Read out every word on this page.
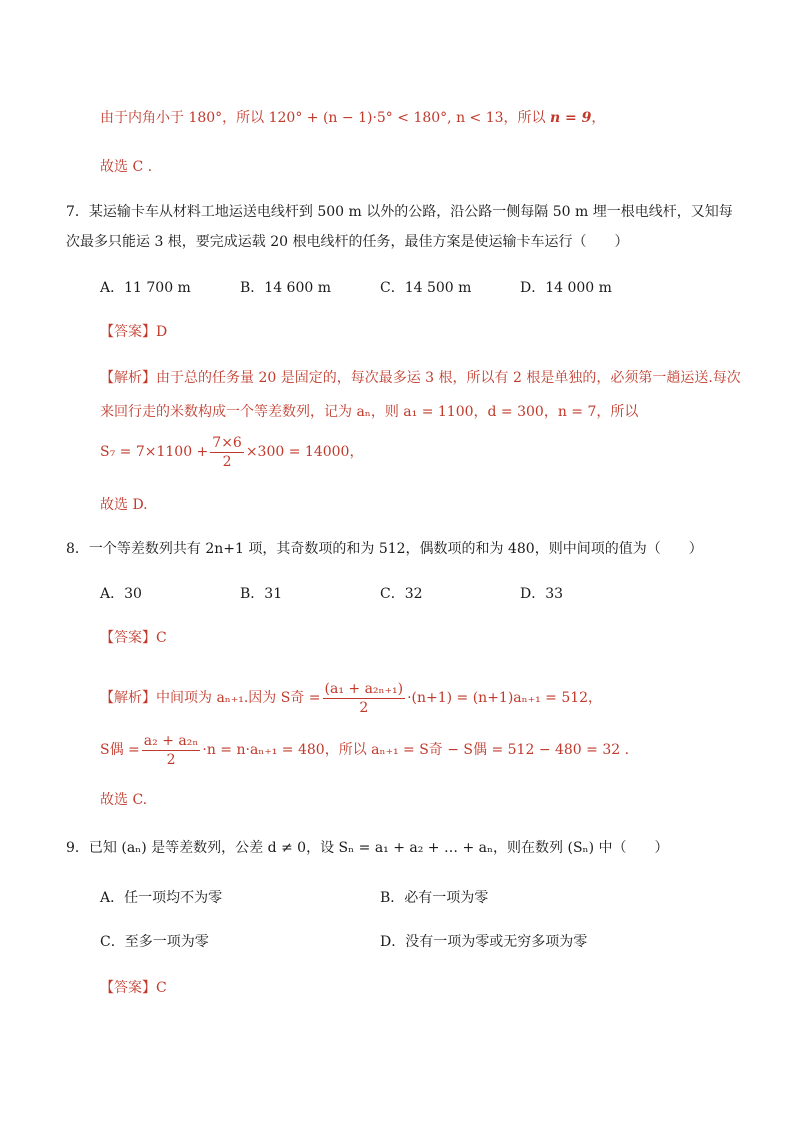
由于内角小于 180°，所以 120° + (n − 1)·5° < 180°, n < 13，所以 n = 9，
故选 C .
7．某运输卡车从材料工地运送电线杆到 500 m 以外的公路，沿公路一侧每隔 50 m 埋一根电线杆，又知每
次最多只能运 3 根，要完成运载 20 根电线杆的任务，最佳方案是使运输卡车运行（　　）
A．11 700 m	B．14 600 m	C．14 500 m	D．14 000 m
【答案】D
【解析】由于总的任务量 20 是固定的，每次最多运 3 根，所以有 2 根是单独的，必须第一趟运送.每次
来回行走的米数构成一个等差数列，记为 aₙ，则 a₁ = 1100，d = 300，n = 7，所以
$S_7 = 7\times 1100 + \frac{7\times 6}{2} \times 300 = 14000$，
故选 D.
8．一个等差数列共有 2n+1 项，其奇数项的和为 512，偶数项的和为 480，则中间项的值为（　　）
A．30	B．31	C．32	D．33
【答案】C
【解析】 中间项为 aₙ₊₁.因为 S奇 = $\frac{\text{(a₁ + a₂ₙ₊₁)}}{2} \cdot(n+1) = (n+1)a_{n+1} = 512$，
S偶 = $\frac{\text{a₂ + a₂ₙ}}{2} \cdot n = n\cdot a_{n+1} = 480$，所以 aₙ₊₁ = S奇 − S偶 = 512 − 480 = 32 .
故选 C.
9．已知 (aₙ) 是等差数列，公差 d ≠ 0，设 Sₙ = a₁ + a₂ + … + aₙ，则在数列 (Sₙ) 中（　　）
A．任一项均不为零	B．必有一项为零
C．至多一项为零	D．没有一项为零或无穷多项为零
【答案】C
